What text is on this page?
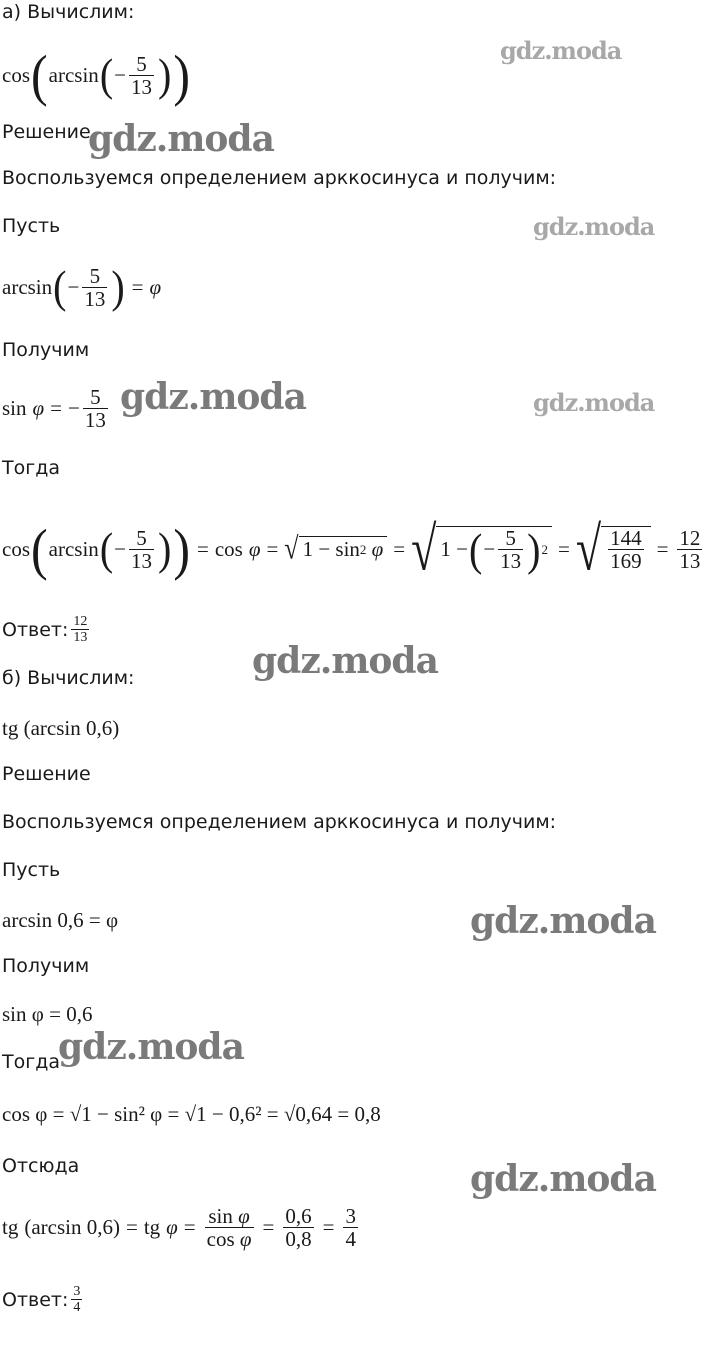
а) Вычислим:
cos ( arcsin ( − $\frac{5}{13}$ ) )
Решение
Воспользуемся определением арккосинуса и получим:
Пусть
arcsin ( − $\frac{5}{13}$ ) = φ
Получим
sin φ = − $\frac{5}{13}$
Тогда
cos ( arcsin ( − $\frac{5}{13}$ ) ) = cos φ = √ 1 − sin 2
φ = √ 1 − ( − $\frac{5}{13}$ ) 2 = √ $\frac{144}{169} = \frac{12}{13}$
Ответ: $\frac{12}{13}$
б) Вычислим:
tg (arcsin 0,6)
Решение
Воспользуемся определением арккосинуса и получим:
Пусть
arcsin 0,6 = φ
Получим
sin φ = 0,6
Тогда
cos φ = √1 − sin² φ = √1 − 0,6² = √0,64 = 0,8
Отсюда
tg (arcsin 0,6) = tg $\varphi = \frac{\text{sin φ}}{\text{cos φ}} = \frac{0,6}{0,8} = \frac{3}{4}$
Ответ: $\frac{3}{4}$
gdz.moda
gdz.moda
gdz.moda
gdz.moda	gdz.moda
gdz.moda
gdz.moda
gdz.moda
gdz.moda
